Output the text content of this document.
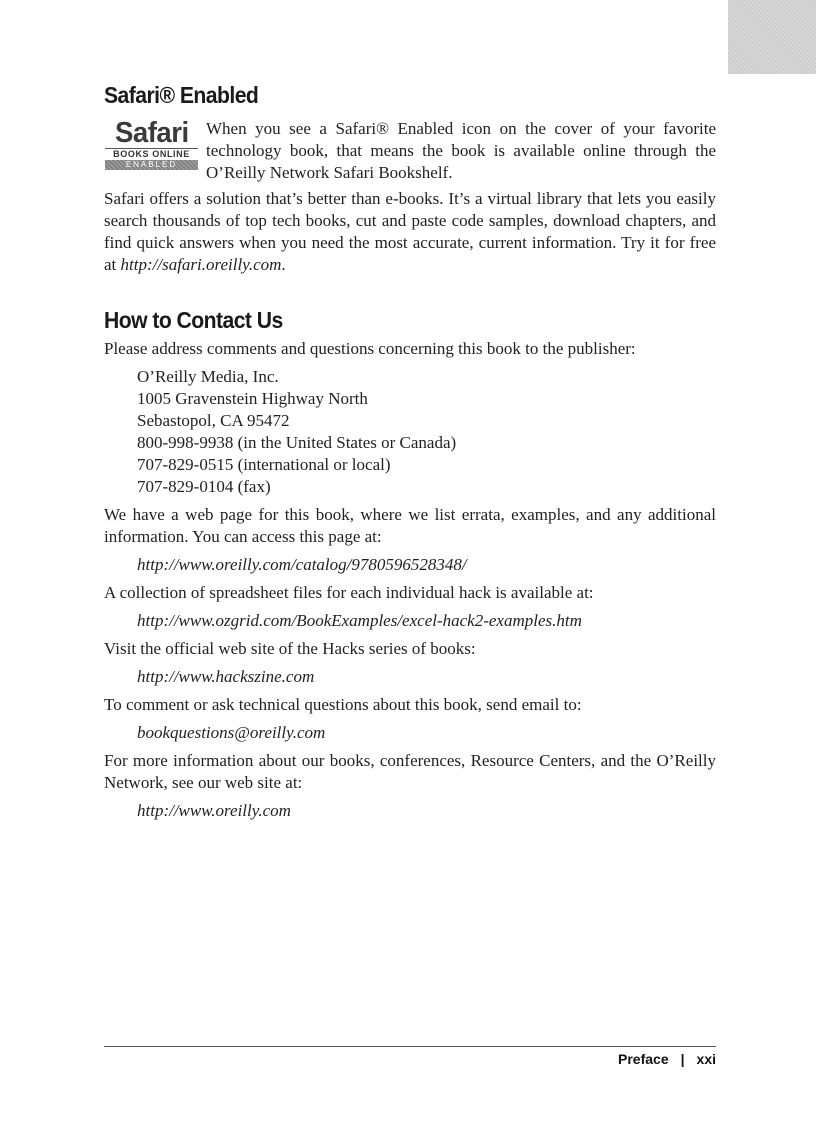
Safari® Enabled
Safari
BOOKS ONLINE
ENABLED

When you see a Safari® Enabled icon on the cover of your favorite technology book, that means the book is available online through the O’Reilly Network Safari Bookshelf.

Safari offers a solution that’s better than e-books. It’s a virtual library that lets you easily search thousands of top tech books, cut and paste code samples, download chapters, and find quick answers when you need the most accurate, current information. Try it for free at http://safari.oreilly.com.

How to Contact Us

Please address comments and questions concerning this book to the publisher:

O’Reilly Media, Inc.

1005 Gravenstein Highway North

Sebastopol, CA 95472

800-998-9938 (in the United States or Canada)

707-829-0515 (international or local)

707-829-0104 (fax)

We have a web page for this book, where we list errata, examples, and any additional information. You can access this page at:

http://www.oreilly.com/catalog/9780596528348/

A collection of spreadsheet files for each individual hack is available at:

http://www.ozgrid.com/BookExamples/excel-hack2-examples.htm

Visit the official web site of the Hacks series of books:

http://www.hackszine.com

To comment or ask technical questions about this book, send email to:

bookquestions@oreilly.com

For more information about our books, conferences, Resource Centers, and the O’Reilly Network, see our web site at:

http://www.oreilly.com

Preface | xxi
